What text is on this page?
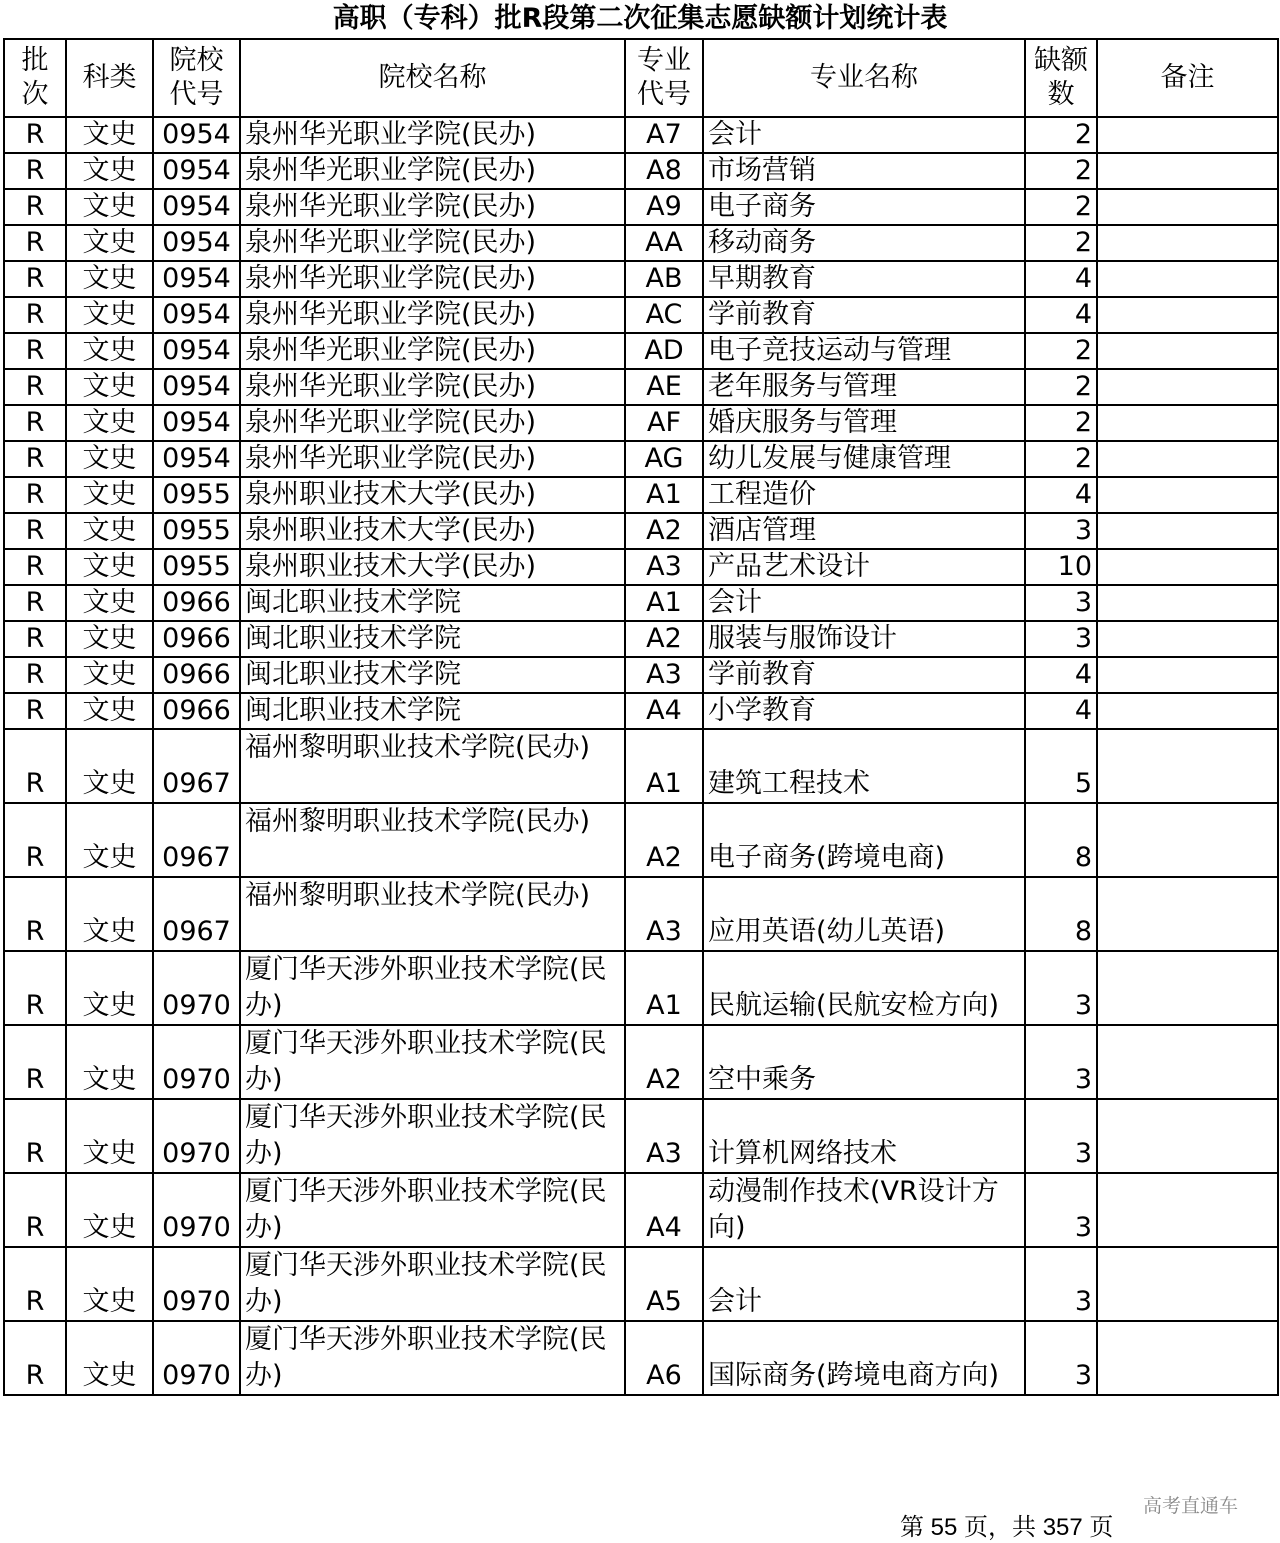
高职（专科）批R段第二次征集志愿缺额计划统计表
批次	科类	院校代号	院校名称	专业代号	专业名称	缺额数	备注
R	文史	0954	泉州华光职业学院(民办)	A7	会计	2	
R	文史	0954	泉州华光职业学院(民办)	A8	市场营销	2	
R	文史	0954	泉州华光职业学院(民办)	A9	电子商务	2	
R	文史	0954	泉州华光职业学院(民办)	AA	移动商务	2	
R	文史	0954	泉州华光职业学院(民办)	AB	早期教育	4	
R	文史	0954	泉州华光职业学院(民办)	AC	学前教育	4	
R	文史	0954	泉州华光职业学院(民办)	AD	电子竞技运动与管理	2	
R	文史	0954	泉州华光职业学院(民办)	AE	老年服务与管理	2	
R	文史	0954	泉州华光职业学院(民办)	AF	婚庆服务与管理	2	
R	文史	0954	泉州华光职业学院(民办)	AG	幼儿发展与健康管理	2	
R	文史	0955	泉州职业技术大学(民办)	A1	工程造价	4	
R	文史	0955	泉州职业技术大学(民办)	A2	酒店管理	3	
R	文史	0955	泉州职业技术大学(民办)	A3	产品艺术设计	10	
R	文史	0966	闽北职业技术学院	A1	会计	3	
R	文史	0966	闽北职业技术学院	A2	服装与服饰设计	3	
R	文史	0966	闽北职业技术学院	A3	学前教育	4	
R	文史	0966	闽北职业技术学院	A4	小学教育	4	
R	文史	0967	福州黎明职业技术学院(民办)	A1	建筑工程技术	5	
R	文史	0967	福州黎明职业技术学院(民办)	A2	电子商务(跨境电商)	8	
R	文史	0967	福州黎明职业技术学院(民办)	A3	应用英语(幼儿英语)	8	
R	文史	0970	厦门华天涉外职业技术学院(民办)	A1	民航运输(民航安检方向)	3	
R	文史	0970	厦门华天涉外职业技术学院(民办)	A2	空中乘务	3	
R	文史	0970	厦门华天涉外职业技术学院(民办)	A3	计算机网络技术	3	
R	文史	0970	厦门华天涉外职业技术学院(民办)	A4	动漫制作技术(VR设计方向)	3	
R	文史	0970	厦门华天涉外职业技术学院(民办)	A5	会计	3	
R	文史	0970	厦门华天涉外职业技术学院(民办)	A6	国际商务(跨境电商方向)	3	
第 55 页，共 357 页
高考直通车
